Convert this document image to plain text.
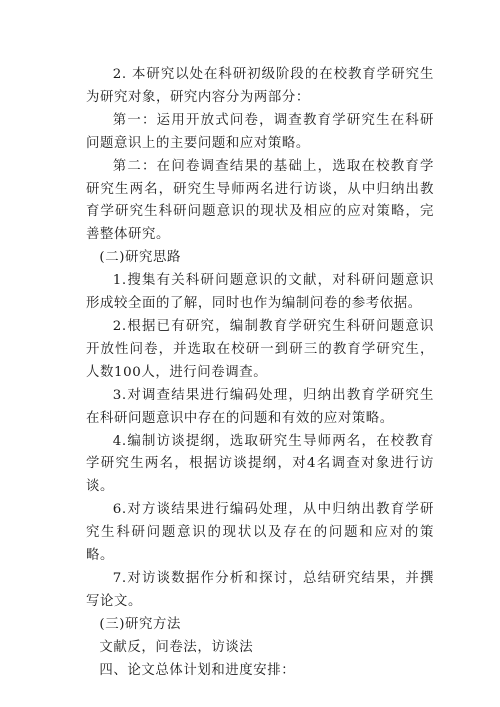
2. 本研究以处在科研初级阶段的在校教育学研究生为研究对象，研究内容分为两部分：

第一：运用开放式问卷，调查教育学研究生在科研问题意识上的主要问题和应对策略。

第二：在问卷调查结果的基础上，选取在校教育学研究生两名，研究生导师两名进行访谈，从中归纳出教育学研究生科研问题意识的现状及相应的应对策略，完善整体研究。

(二)研究思路

1.搜集有关科研问题意识的文献，对科研问题意识形成较全面的了解，同时也作为编制问卷的参考依据。

2.根据已有研究，编制教育学研究生科研问题意识开放性问卷，并选取在校研一到研三的教育学研究生，人数100人，进行问卷调查。

3.对调查结果进行编码处理，归纳出教育学研究生在科研问题意识中存在的问题和有效的应对策略。

4.编制访谈提纲，选取研究生导师两名，在校教育学研究生两名，根据访谈提纲，对4名调查对象进行访谈。

6.对方谈结果进行编码处理，从中归纳出教育学研究生科研问题意识的现状以及存在的问题和应对的策略。

7.对访谈数据作分析和探讨，总结研究结果，并撰写论文。

(三)研究方法

文献反，问卷法，访谈法

四、论文总体计划和进度安排：
